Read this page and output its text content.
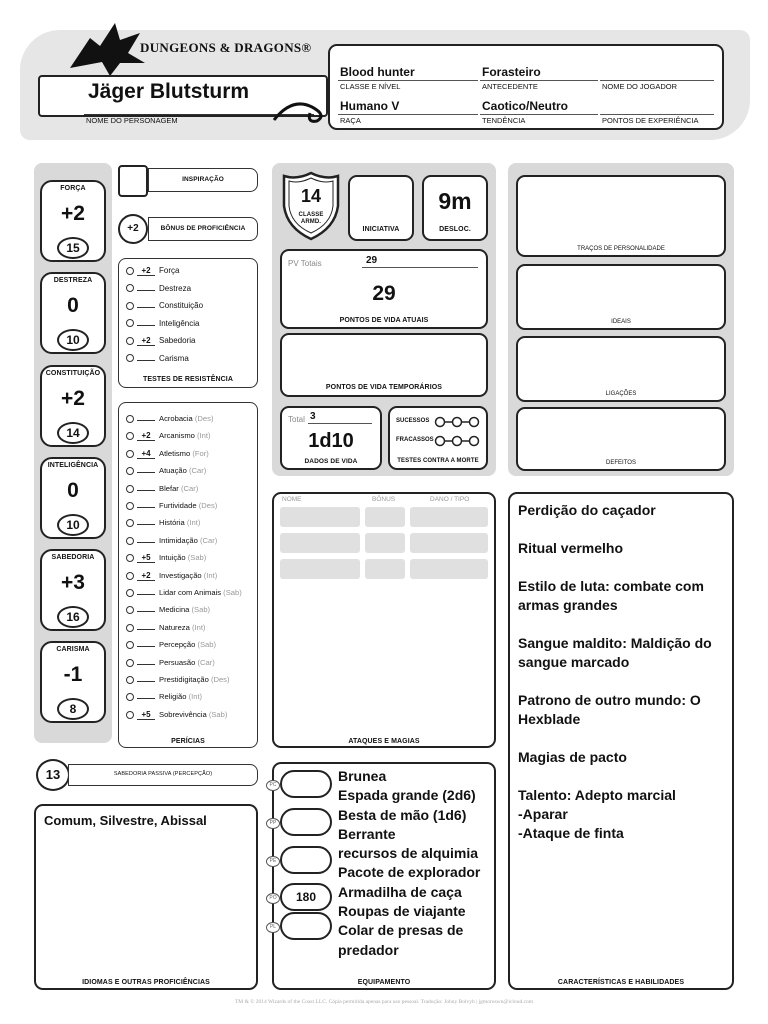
DUNGEONS & DRAGONS®
Jäger Blutsturm
NOME DO PERSONAGEM
Blood hunter
CLASSE E NÍVEL
Forasteiro
ANTECEDENTE	NOME DO JOGADOR
Humano V
RAÇA
Caotico/Neutro
TENDÊNCIA	PONTOS DE EXPERIÊNCIA
FORÇA
+2
15
DESTREZA
0
10
CONSTITUIÇÃO
+2
14
INTELIGÊNCIA
0
10
SABEDORIA
+3
16
CARISMA
-1
8
INSPIRAÇÃO
+2	BÔNUS DE PROFICIÊNCIA
+2 Força
Destreza
Constituição
Inteligência
+2 Sabedoria
Carisma
TESTES DE RESISTÊNCIA
Acrobacia (Des)
+2 Arcanismo (Int)
+4 Atletismo (For)
Atuação (Car)
Blefar (Car)
Furtividade (Des)
História (Int)
Intimidação (Car)
+5 Intuição (Sab)
+2 Investigação (Int)
Lidar com Animais (Sab)
Medicina (Sab)
Natureza (Int)
Percepção (Sab)
Persuasão (Car)
Prestidigitação (Des)
Religião (Int)
+5 Sobrevivência (Sab)
PERÍCIAS
13	SABEDORIA PASSIVA (PERCEPÇÃO)
Comum, Silvestre, Abissal
IDIOMAS E OUTRAS PROFICIÊNCIAS
14
CLASSE ARMD.
INICIATIVA
9m
DESLOC.
PV Totais	29
29
PONTOS DE VIDA ATUAIS
PONTOS DE VIDA TEMPORÁRIOS
Total 3
1d10
DADOS DE VIDA
SUCESSOS
FRACASSOS
TESTES CONTRA A MORTE
NOME	BÔNUS	DANO / TIPO
ATAQUES E MAGIAS
PC
PP
PE
PO	180
PL
Brunea
Espada grande (2d6)
Besta de mão (1d6)
Berrante
recursos de alquimia
Pacote de explorador
Armadilha de caça
Roupas de viajante
Colar de presas de predador
EQUIPAMENTO
TRAÇOS DE PERSONALIDADE
IDEAIS
LIGAÇÕES
DEFEITOS
Perdição do caçador
Ritual vermelho
Estilo de luta: combate com armas grandes
Sangue maldito: Maldição do sangue marcado
Patrono de outro mundo: O Hexblade
Magias de pacto
Talento: Adepto marcial
-Aparar
-Ataque de finta
CARACTERÍSTICAS E HABILIDADES
TM & © 2014 Wizards of the Coast LLC. Cópia permitida apenas para uso pessoal. Tradução: Johny Bolvyb | jgmoroswn@icloud.com
